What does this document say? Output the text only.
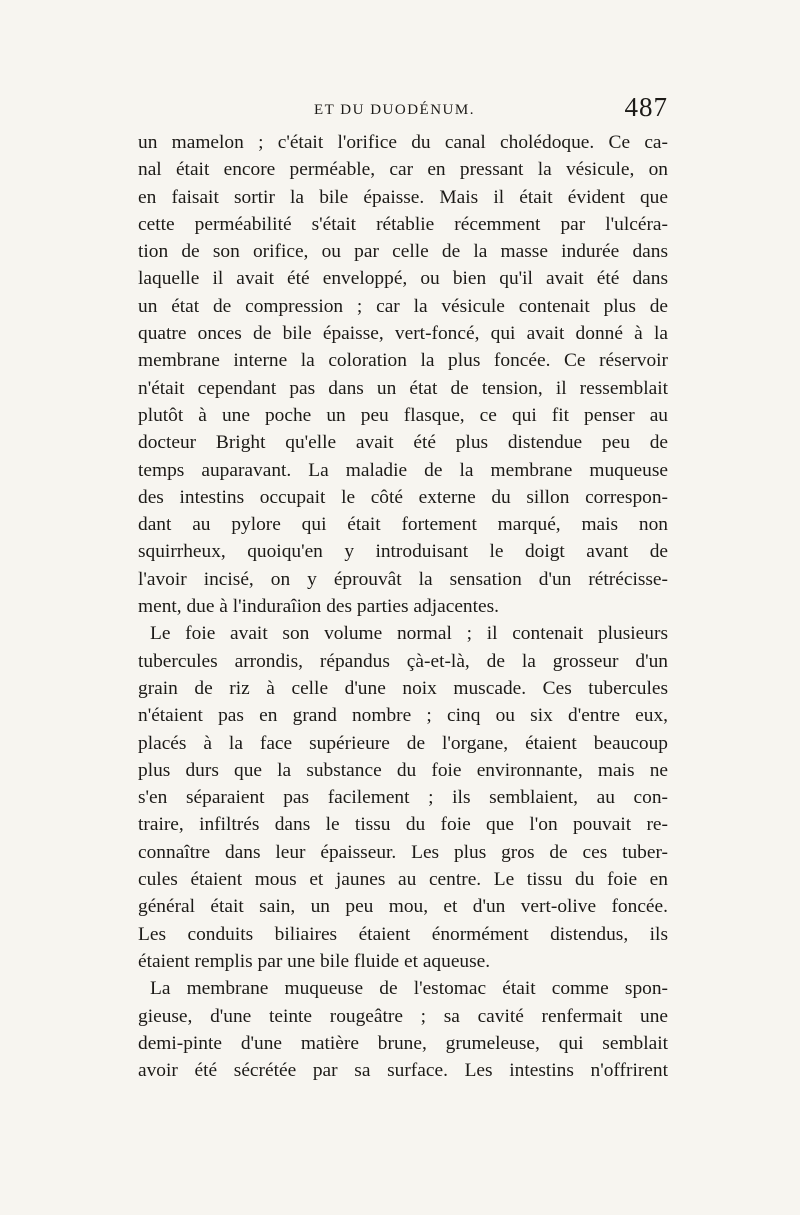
ET DU DUODÉNUM.	487
un mamelon ; c'était l'orifice du canal cholédoque. Ce ca-
nal était encore perméable, car en pressant la vésicule, on
en faisait sortir la bile épaisse. Mais il était évident que
cette perméabilité s'était rétablie récemment par l'ulcéra-
tion de son orifice, ou par celle de la masse indurée dans
laquelle il avait été enveloppé, ou bien qu'il avait été dans
un état de compression ; car la vésicule contenait plus de
quatre onces de bile épaisse, vert-foncé, qui avait donné à la
membrane interne la coloration la plus foncée. Ce réservoir
n'était cependant pas dans un état de tension, il ressemblait
plutôt à une poche un peu flasque, ce qui fit penser au
docteur Bright qu'elle avait été plus distendue peu de
temps auparavant. La maladie de la membrane muqueuse
des intestins occupait le côté externe du sillon correspon-
dant au pylore qui était fortement marqué, mais non
squirrheux, quoiqu'en y introduisant le doigt avant de
l'avoir incisé, on y éprouvât la sensation d'un rétrécisse-
ment, due à l'induraîion des parties adjacentes.
Le foie avait son volume normal ; il contenait plusieurs
tubercules arrondis, répandus çà-et-là, de la grosseur d'un
grain de riz à celle d'une noix muscade. Ces tubercules
n'étaient pas en grand nombre ; cinq ou six d'entre eux,
placés à la face supérieure de l'organe, étaient beaucoup
plus durs que la substance du foie environnante, mais ne
s'en séparaient pas facilement ; ils semblaient, au con-
traire, infiltrés dans le tissu du foie que l'on pouvait re-
connaître dans leur épaisseur. Les plus gros de ces tuber-
cules étaient mous et jaunes au centre. Le tissu du foie en
général était sain, un peu mou, et d'un vert-olive foncée.
Les conduits biliaires étaient énormément distendus, ils
étaient remplis par une bile fluide et aqueuse.
La membrane muqueuse de l'estomac était comme spon-
gieuse, d'une teinte rougeâtre ; sa cavité renfermait une
demi-pinte d'une matière brune, grumeleuse, qui semblait
avoir été sécrétée par sa surface. Les intestins n'offrirent
